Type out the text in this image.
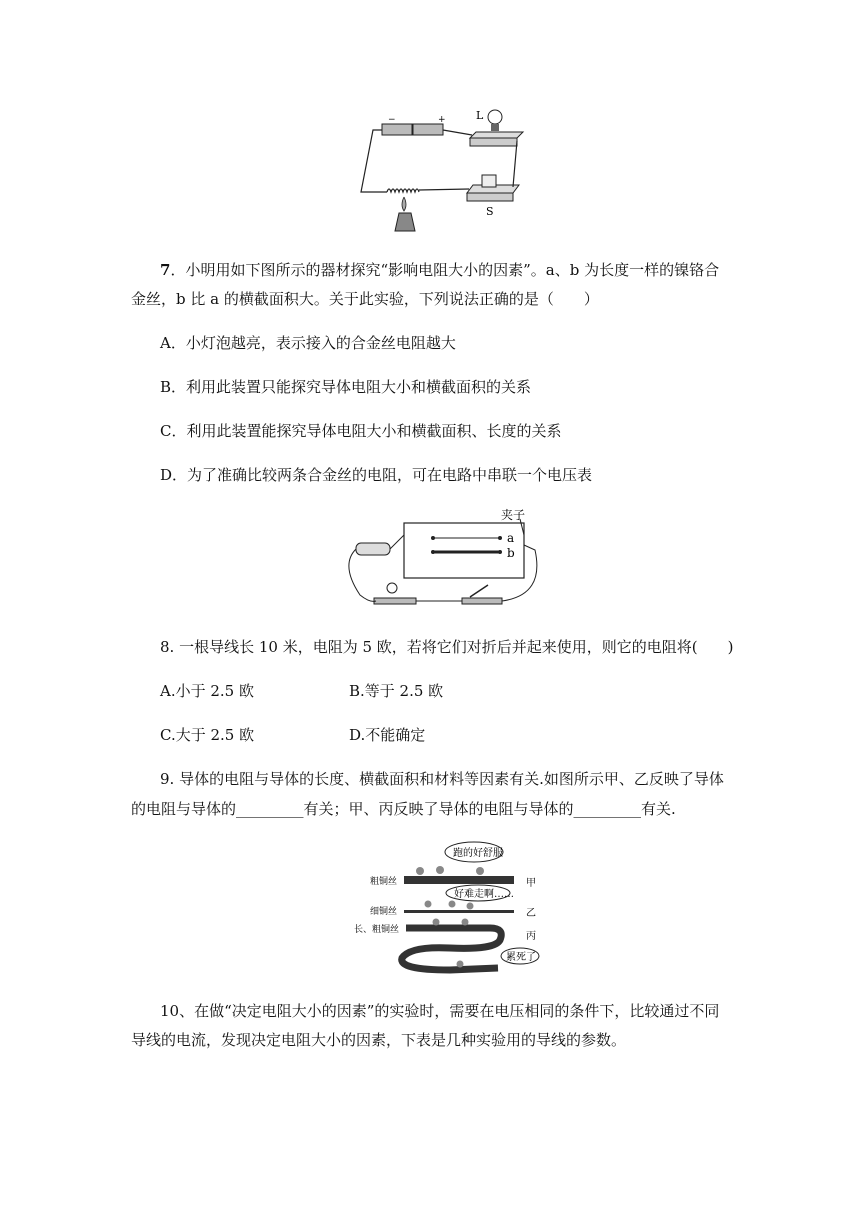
−	+	L
S
7．小明用如下图所示的器材探究“影响电阻大小的因素”。a、b 为长度一样的镍铬合
金丝，b 比 a 的横截面积大。关于此实验，下列说法正确的是（　　）
A．小灯泡越亮，表示接入的合金丝电阻越大
B．利用此装置只能探究导体电阻大小和横截面积的关系
C．利用此装置能探究导体电阻大小和横截面积、长度的关系
D．为了准确比较两条合金丝的电阻，可在电路中串联一个电压表
a
b
夹子
8. 一根导线长 10 米，电阻为 5 欧，若将它们对折后并起来使用，则它的电阻将(　　)
A.小于 2.5 欧	B.等于 2.5 欧
C.大于 2.5 欧	D.不能确定
9. 导体的电阻与导体的长度、横截面积和材料等因素有关.如图所示甲、乙反映了导体
的电阻与导体的_________有关；甲、丙反映了导体的电阻与导体的_________有关.
跑的好舒服
好难走啊……
累死了
粗铜丝	甲
细铜丝	乙
长、粗铜丝
丙
10、在做“决定电阻大小的因素”的实验时，需要在电压相同的条件下，比较通过不同
导线的电流，发现决定电阻大小的因素，下表是几种实验用的导线的参数。
